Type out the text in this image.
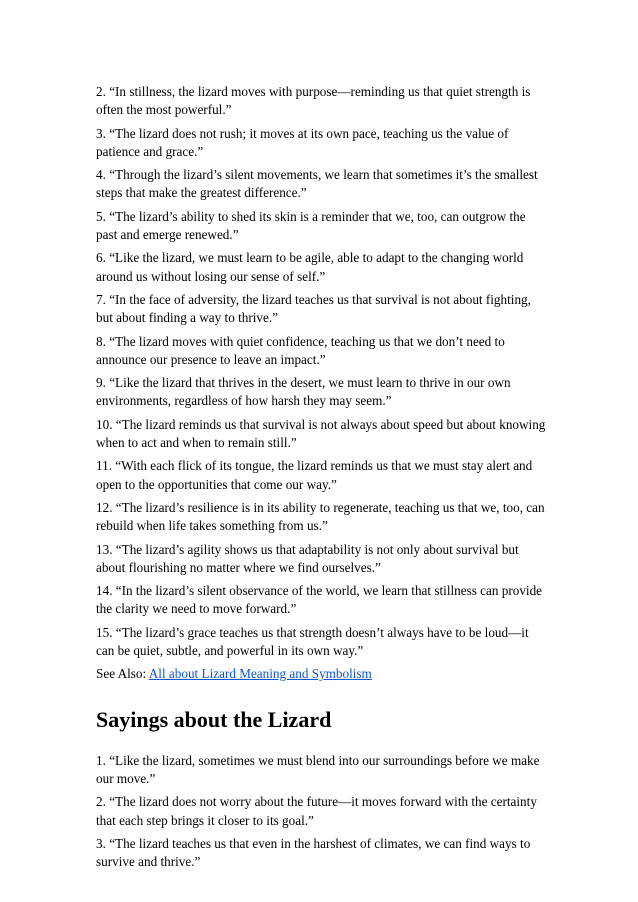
2. “In stillness, the lizard moves with purpose—reminding us that quiet strength is often the most powerful.”

3. “The lizard does not rush; it moves at its own pace, teaching us the value of patience and grace.”

4. “Through the lizard’s silent movements, we learn that sometimes it’s the smallest steps that make the greatest difference.”

5. “The lizard’s ability to shed its skin is a reminder that we, too, can outgrow the past and emerge renewed.”

6. “Like the lizard, we must learn to be agile, able to adapt to the changing world around us without losing our sense of self.”

7. “In the face of adversity, the lizard teaches us that survival is not about fighting, but about finding a way to thrive.”

8. “The lizard moves with quiet confidence, teaching us that we don’t need to announce our presence to leave an impact.”

9. “Like the lizard that thrives in the desert, we must learn to thrive in our own environments, regardless of how harsh they may seem.”

10. “The lizard reminds us that survival is not always about speed but about knowing when to act and when to remain still.”

11. “With each flick of its tongue, the lizard reminds us that we must stay alert and open to the opportunities that come our way.”

12. “The lizard’s resilience is in its ability to regenerate, teaching us that we, too, can rebuild when life takes something from us.”

13. “The lizard’s agility shows us that adaptability is not only about survival but about flourishing no matter where we find ourselves.”

14. “In the lizard’s silent observance of the world, we learn that stillness can provide the clarity we need to move forward.”

15. “The lizard’s grace teaches us that strength doesn’t always have to be loud—it can be quiet, subtle, and powerful in its own way.”

See Also: All about Lizard Meaning and Symbolism

Sayings about the Lizard

1. “Like the lizard, sometimes we must blend into our surroundings before we make our move.”

2. “The lizard does not worry about the future—it moves forward with the certainty that each step brings it closer to its goal.”

3. “The lizard teaches us that even in the harshest of climates, we can find ways to survive and thrive.”
